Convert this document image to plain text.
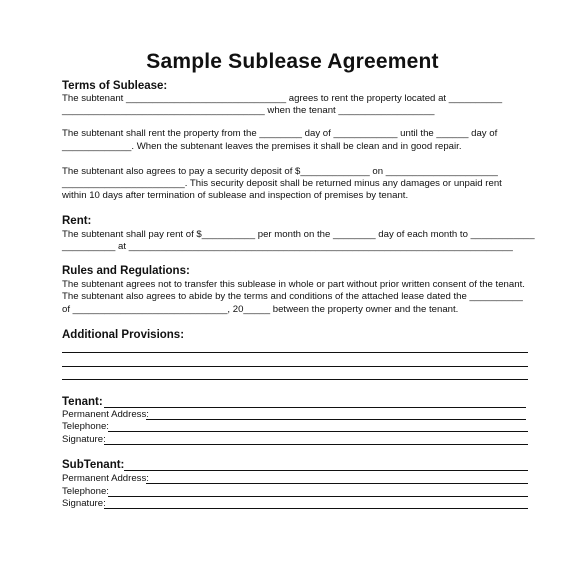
Sample Sublease Agreement
Terms of Sublease:
The subtenant ______________________________ agrees to rent the property located at __________
______________________________________ when the tenant __________________
The subtenant shall rent the property from the ________ day of ____________ until the ______ day of
_____________. When the subtenant leaves the premises it shall be clean and in good repair.
The subtenant also agrees to pay a security deposit of $_____________ on _____________________
_______________________. This security deposit shall be returned minus any damages or unpaid rent
within 10 days after termination of sublease and inspection of premises by tenant.
Rent:
The subtenant shall pay rent of $__________ per month on the ________ day of each month to ____________
__________ at ________________________________________________________________________
Rules and Regulations:
The subtenant agrees not to transfer this sublease in whole or part without prior written consent of the tenant.
The subtenant also agrees to abide by the terms and conditions of the attached lease dated the __________
of _____________________________, 20_____ between the property owner and the tenant.
Additional Provisions:
Tenant:
Permanent Address:
Telephone:
Signature:
SubTenant:
Permanent Address:
Telephone:
Signature:
